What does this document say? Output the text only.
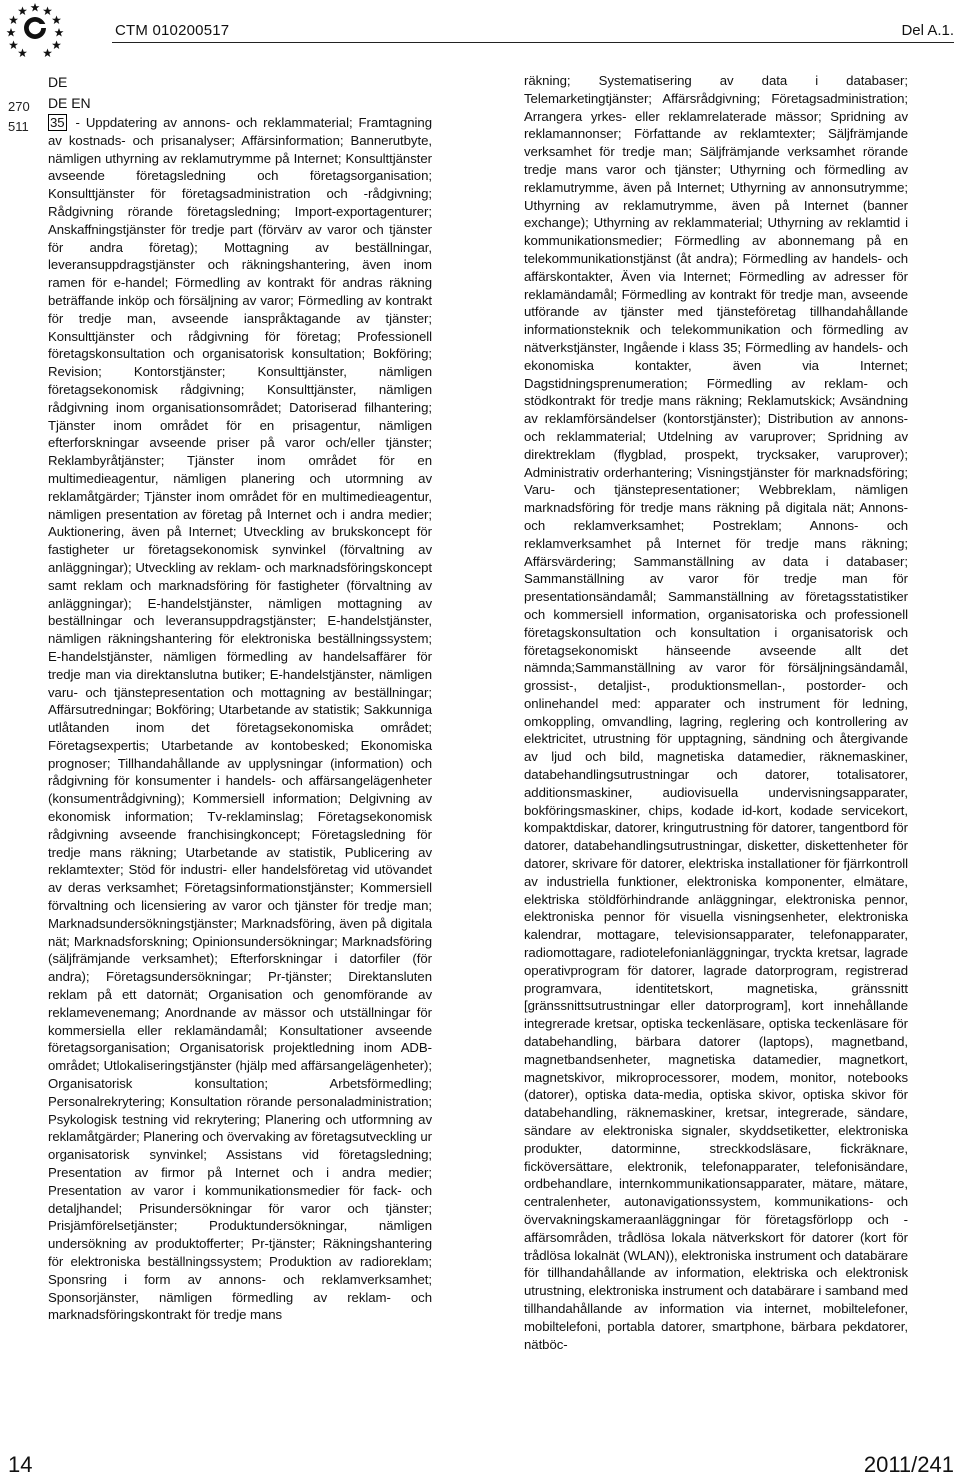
CTM 010200517	Del A.1.
270
511
DE
DE EN

35 - Uppdatering av annons- och reklammaterial; Framtagning av kostnads- och prisanalyser; Affärsinformation; Bannerutbyte, nämligen uthyrning av reklamutrymme på Internet; Konsulttjänster avseende företagsledning och företagsorganisation; Konsulttjänster för företagsadministration och -rådgivning; Rådgivning rörande företagsledning; Import-exportagenturer; Anskaffningstjänster för tredje part (förvärv av varor och tjänster för andra företag); Mottagning av beställningar, leveransuppdragstjänster och räkningshantering, även inom ramen för e-handel; Förmedling av kontrakt för andras räkning beträffande inköp och försäljning av varor; Förmedling av kontrakt för tredje man, avseende ianspråktagande av tjänster; Konsulttjänster och rådgivning för företag; Professionell företagskonsultation och organisatorisk konsultation; Bokföring; Revision; Kontorstjänster; Konsulttjänster, nämligen företagsekonomisk rådgivning; Konsulttjänster, nämligen rådgivning inom organisationsområdet; Datoriserad filhantering; Tjänster inom området för en prisagentur, nämligen efterforskningar avseende priser på varor och/eller tjänster; Reklambyråtjänster; Tjänster inom området för en multimedieagentur, nämligen planering och utormning av reklamåtgärder; Tjänster inom området för en multimedieagentur, nämligen presentation av företag på Internet och i andra medier; Auktionering, även på Internet; Utveckling av brukskoncept för fastigheter ur företagsekonomisk synvinkel (förvaltning av anläggningar); Utveckling av reklam- och marknadsföringskoncept samt reklam och marknadsföring för fastigheter (förvaltning av anläggningar); E-handelstjänster, nämligen mottagning av beställningar och leveransuppdragstjänster; E-handelstjänster, nämligen räkningshantering för elektroniska beställningssystem; E-handelstjänster, nämligen förmedling av handelsaffärer för tredje man via direktanslutna butiker; E-handelstjänster, nämligen varu- och tjänstepresentation och mottagning av beställningar; Affärsutredningar; Bokföring; Utarbetande av statistik; Sakkunniga utlåtanden inom det företagsekonomiska området; Företagsexpertis; Utarbetande av kontobesked; Ekonomiska prognoser; Tillhandahållande av upplysningar (information) och rådgivning för konsumenter i handels- och affärsangelägenheter (konsumentrådgivning); Kommersiell information; Delgivning av ekonomisk information; Tv-reklaminslag; Företagsekonomisk rådgivning avseende franchisingkoncept; Företagsledning för tredje mans räkning; Utarbetande av statistik, Publicering av reklamtexter; Stöd för industri- eller handelsföretag vid utövandet av deras verksamhet; Företagsinformationstjänster; Kommersiell förvaltning och licensiering av varor och tjänster för tredje man; Marknadsundersökningstjänster; Marknadsföring, även på digitala nät; Marknadsforskning; Opinionsundersökningar; Marknadsföring (säljfrämjande verksamhet); Efterforskningar i datorfiler (för andra); Företagsundersökningar; Pr-tjänster; Direktansluten reklam på ett datornät; Organisation och genomförande av reklamevenemang; Anordnande av mässor och utställningar för kommersiella eller reklamändamål; Konsultationer avseende företagsorganisation; Organisatorisk projektledning inom ADB-området; Utlokaliseringstjänster (hjälp med affärsangelägenheter); Organisatorisk konsultation; Arbetsförmedling; Personalrekrytering; Konsultation rörande personaladministration; Psykologisk testning vid rekrytering; Planering och utformning av reklamåtgärder; Planering och övervaking av företagsutveckling ur organisatorisk synvinkel; Assistans vid företagsledning; Presentation av firmor på Internet och i andra medier; Presentation av varor i kommunikationsmedier för fack- och detaljhandel; Prisundersökningar för varor och tjänster; Prisjämförelsetjänster; Produktundersökningar, nämligen undersökning av produktofferter; Pr-tjänster; Räkningshantering för elektroniska beställningssystem; Produktion av radioreklam; Sponsring i form av annons- och reklamverksamhet; Sponsorjänster, nämligen förmedling av reklam- och marknadsföringskontrakt för tredje mans

räkning; Systematisering av data i databaser; Telemarketingtjänster; Affärsrådgivning; Företagsadministration; Arrangera yrkes- eller reklamrelaterade mässor; Spridning av reklamannonser; Författande av reklamtexter; Säljfrämjande verksamhet för tredje man; Säljfrämjande verksamhet rörande tredje mans varor och tjänster; Uthyrning och förmedling av reklamutrymme, även på Internet; Uthyrning av annonsutrymme; Uthyrning av reklamutrymme, även på Internet (banner exchange); Uthyrning av reklammaterial; Uthyrning av reklamtid i kommunikationsmedier; Förmedling av abonnemang på en telekommunikationstjänst (åt andra); Förmedling av handels- och affärskontakter, Även via Internet; Förmedling av adresser för reklamändamål; Förmedling av kontrakt för tredje man, avseende utförande av tjänster med tjänsteföretag tillhandahållande informationsteknik och telekommunikation och förmedling av nätverkstjänster, Ingående i klass 35; Förmedling av handels- och ekonomiska kontakter, även via Internet; Dagstidningsprenumeration; Förmedling av reklam- och stödkontrakt för tredje mans räkning; Reklamutskick; Avsändning av reklamförsändelser (kontorstjänster); Distribution av annons- och reklammaterial; Utdelning av varuprover; Spridning av direktreklam (flygblad, prospekt, trycksaker, varuprover); Administrativ orderhantering; Visningstjänster för marknadsföring; Varu- och tjänstepresentationer; Webbreklam, nämligen marknadsföring för tredje mans räkning på digitala nät; Annons- och reklamverksamhet; Postreklam; Annons- och reklamverksamhet på Internet för tredje mans räkning; Affärsvärdering; Sammanställning av data i databaser; Sammanställning av varor för tredje man för presentationsändamål; Sammanställning av företagsstatistiker och kommersiell information, organisatoriska och professionell företagskonsultation och konsultation i organisatorisk och företagsekonomiskt hänseende avseende allt det nämnda;Sammanställning av varor för försäljningsändamål, grossist-, detaljist-, produktionsmellan-, postorder- och onlinehandel med: apparater och instrument för ledning, omkoppling, omvandling, lagring, reglering och kontrollering av elektricitet, utrustning för upptagning, sändning och återgivande av ljud och bild, magnetiska datamedier, räknemaskiner, databehandlingsutrustningar och datorer, totalisatorer, additionsmaskiner, audiovisuella undervisningsapparater, bokföringsmaskiner, chips, kodade id-kort, kodade servicekort, kompaktdiskar, datorer, kringutrustning för datorer, tangentbord för datorer, databehandlingsutrustningar, disketter, diskettenheter för datorer, skrivare för datorer, elektriska installationer för fjärrkontroll av industriella funktioner, elektroniska komponenter, elmätare, elektriska stöldförhindrande anläggningar, elektroniska pennor, elektroniska pennor för visuella visningsenheter, elektroniska kalendrar, mottagare, televisionsapparater, telefonapparater, radiomottagare, radiotelefonianläggningar, tryckta kretsar, lagrade operativprogram för datorer, lagrade datorprogram, registrerad programvara, identitetskort, magnetiska, gränssnitt [gränssnittsutrustningar eller datorprogram], kort innehållande integrerade kretsar, optiska teckenläsare, optiska teckenläsare för databehandling, bärbara datorer (laptops), magnetband, magnetbandsenheter, magnetiska datamedier, magnetkort, magnetskivor, mikroprocessorer, modem, monitor, notebooks (datorer), optiska data-media, optiska skivor, optiska skivor för databehandling, räknemaskiner, kretsar, integrerade, sändare, sändare av elektroniska signaler, skyddsetiketter, elektroniska produkter, datorminne, streckkodsläsare, fickräknare, ficköversättare, elektronik, telefonapparater, telefonisändare, ordbehandlare, internkommunikationsapparater, mätare, mätare, centralenheter, autonavigationssystem, kommunikations- och övervakningskameraanläggningar för företagsförlopp och -affärsområden, trådlösa lokala nätverkskort för datorer (kort för trådlösa lokalnät (WLAN)), elektroniska instrument och databärare för tillhandahållande av information, elektriska och elektronisk utrustning, elektroniska instrument och databärare i samband med tillhandahållande av information via internet, mobiltelefoner, mobiltelefoni, portabla datorer, smartphone, bärbara pekdatorer, nätböc-

14	2011/241
